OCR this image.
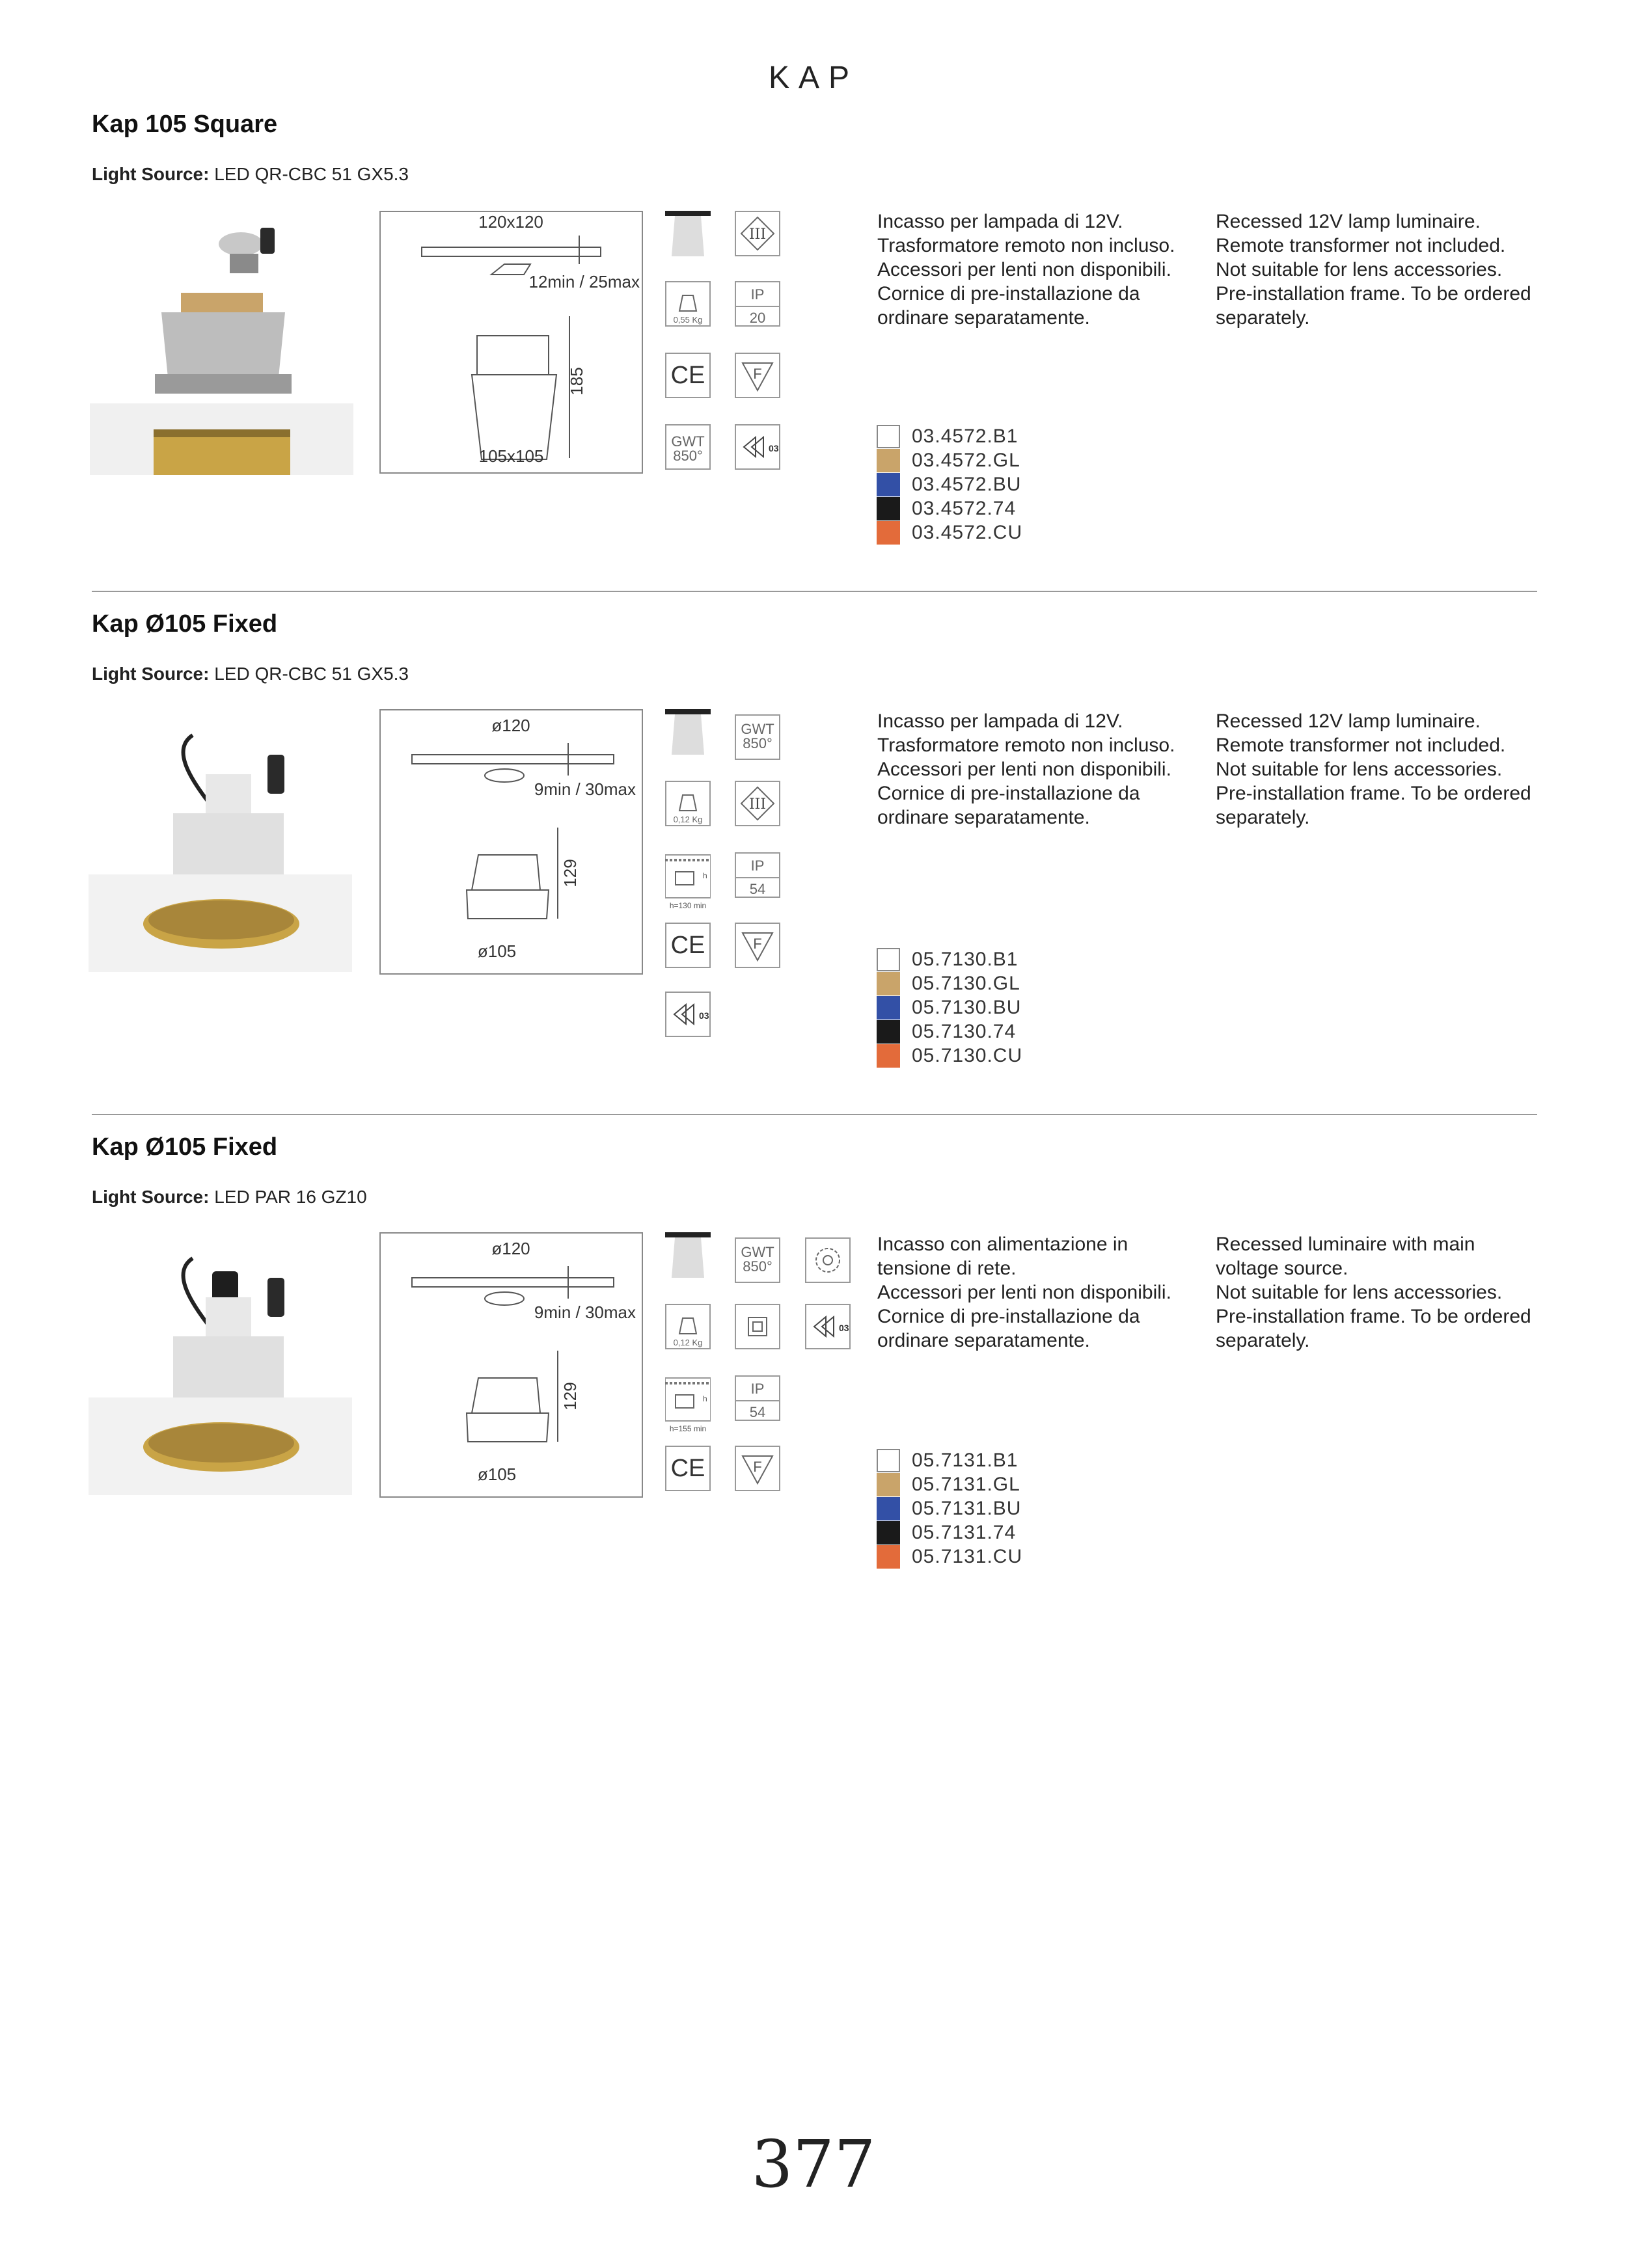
KAP
Kap 105 Square
Light Source: LED QR-CBC 51 GX5.3
120x120
12min / 25max
185
105x105
III
0,55 Kg
IP
20
CE	F
GWT 850°	03
Incasso per lampada di 12V.
Trasformatore remoto non incluso.
Accessori per lenti non disponibili.
Cornice di pre-installazione da
ordinare separatamente.
Recessed 12V lamp luminaire.
Remote transformer not included.
Not suitable for lens accessories.
Pre-installation frame. To be ordered
separately.
03.4572.B1
03.4572.GL
03.4572.BU
03.4572.74
03.4572.CU
Kap Ø105 Fixed
Light Source: LED QR-CBC 51 GX5.3
ø120
9min / 30max
129
ø105
GWT 850°
0,12 Kg
III
h
h=130 min
IP
54
CE	F
03
Incasso per lampada di 12V.
Trasformatore remoto non incluso.
Accessori per lenti non disponibili.
Cornice di pre-installazione da
ordinare separatamente.
Recessed 12V lamp luminaire.
Remote transformer not included.
Not suitable for lens accessories.
Pre-installation frame. To be ordered
separately.
05.7130.B1
05.7130.GL
05.7130.BU
05.7130.74
05.7130.CU
Kap Ø105 Fixed
Light Source: LED PAR 16 GZ10
ø120
9min / 30max
129
ø105
GWT 850°
0,12 Kg
03
h
h=155 min
IP
54
CE	F
Incasso con alimentazione in
tensione di rete.
Accessori per lenti non disponibili.
Cornice di pre-installazione da
ordinare separatamente.
Recessed luminaire with main
voltage source.
Not suitable for lens accessories.
Pre-installation frame. To be ordered
separately.
05.7131.B1
05.7131.GL
05.7131.BU
05.7131.74
05.7131.CU
377
